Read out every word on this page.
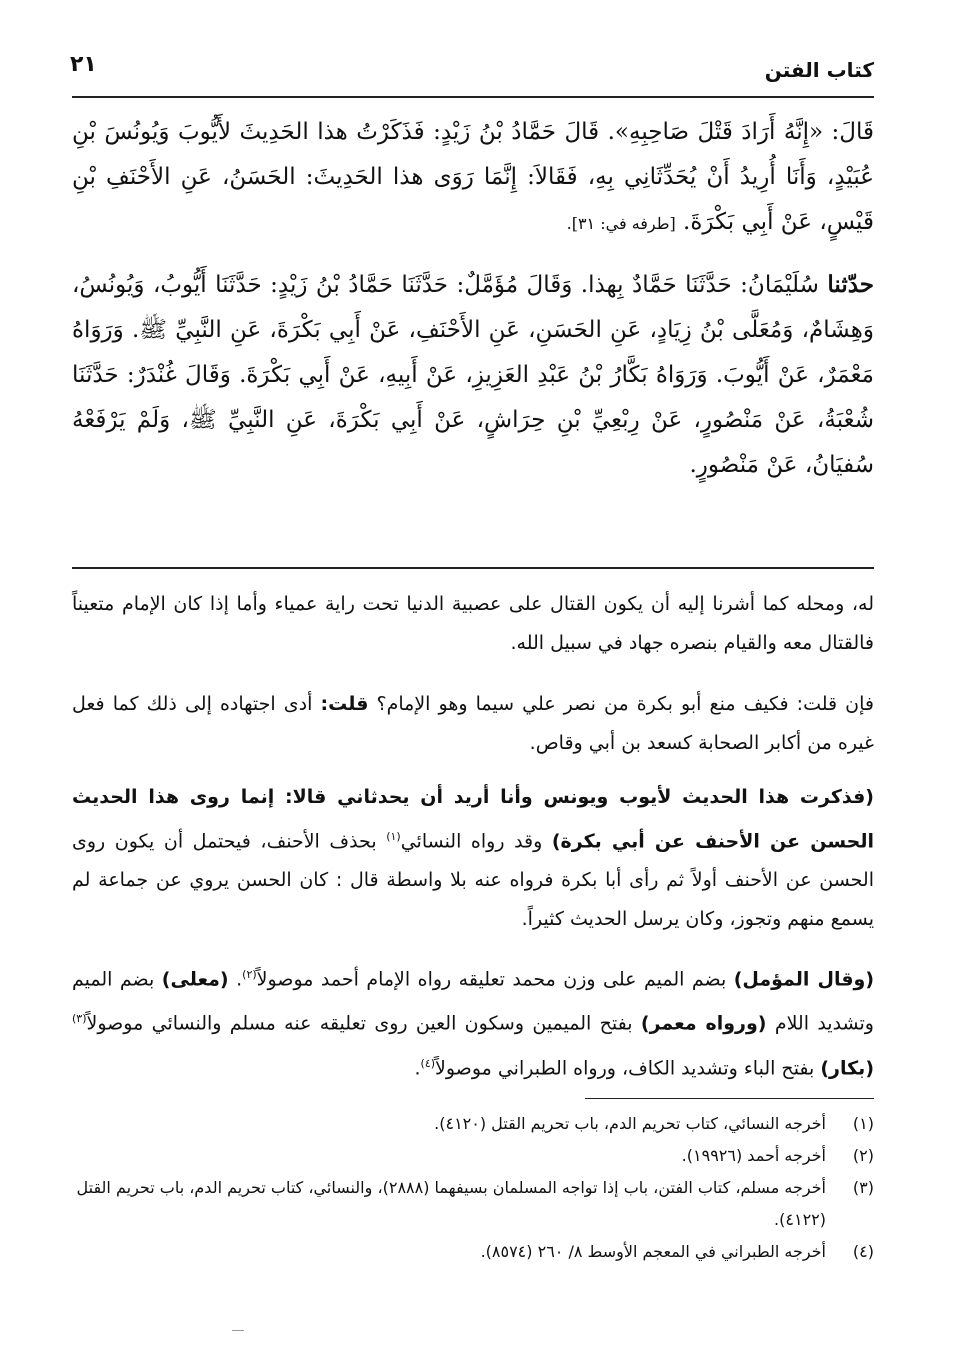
كتاب الفتن
٢١
قَالَ: «إِنَّهُ أَرَادَ قَتْلَ صَاحِبِهِ». قَالَ حَمَّادُ بْنُ زَيْدٍ: فَذَكَرْتُ هذا الحَدِيثَ لأَيُّوبَ وَيُونُسَ بْنِ عُبَيْدٍ، وَأَنَا أُرِيدُ أَنْ يُحَدِّثَانِي بِهِ، فَقَالاَ: إِنَّمَا رَوَى هذا الحَدِيثَ: الحَسَنُ، عَنِ الأَحْنَفِ بْنِ قَيْسٍ، عَنْ أَبِي بَكْرَةَ. [طرفه في: ٣١].
حدّثنا سُلَيْمَانُ: حَدَّثَنَا حَمَّادٌ بِهذا. وَقَالَ مُؤَمَّلٌ: حَدَّثَنَا حَمَّادُ بْنُ زَيْدٍ: حَدَّثَنَا أَيُّوبُ، وَيُونُسُ، وَهِشَامٌ، وَمُعَلَّى بْنُ زِيَادٍ، عَنِ الحَسَنِ، عَنِ الأَحْنَفِ، عَنْ أَبِي بَكْرَةَ، عَنِ النَّبِيِّ ﷺ. وَرَوَاهُ مَعْمَرٌ، عَنْ أَيُّوبَ. وَرَوَاهُ بَكَّارُ بْنُ عَبْدِ العَزِيزِ، عَنْ أَبِيهِ، عَنْ أَبِي بَكْرَةَ. وَقَالَ غُنْدَرٌ: حَدَّثَنَا شُعْبَةُ، عَنْ مَنْصُورٍ، عَنْ رِبْعِيِّ بْنِ حِرَاشٍ، عَنْ أَبِي بَكْرَةَ، عَنِ النَّبِيِّ ﷺ، وَلَمْ يَرْفَعْهُ سُفيَانُ، عَنْ مَنْصُورٍ.
له، ومحله كما أشرنا إليه أن يكون القتال على عصبية الدنيا تحت راية عمياء وأما إذا كان الإمام متعيناً فالقتال معه والقيام بنصره جهاد في سبيل الله.
فإن قلت: فكيف منع أبو بكرة من نصر علي سيما وهو الإمام؟ قلت: أدى اجتهاده إلى ذلك كما فعل غيره من أكابر الصحابة كسعد بن أبي وقاص.
(فذكرت هذا الحديث لأيوب ويونس وأنا أريد أن يحدثاني قالا: إنما روى هذا الحديث الحسن عن الأحنف عن أبي بكرة) وقد رواه النسائي$^{(١)}$ بحذف الأحنف، فيحتمل أن يكون روى الحسن عن الأحنف أولاً ثم رأى أبا بكرة فرواه عنه بلا واسطة قال : كان الحسن يروي عن جماعة لم يسمع منهم وتجوز، وكان يرسل الحديث كثيراً.
(وقال المؤمل) بضم الميم على وزن محمد تعليقه رواه الإمام أحمد موصولاً$^{(٢)}$. (معلى) بضم الميم وتشديد اللام (ورواه معمر) بفتح الميمين وسكون العين روى تعليقه عنه مسلم والنسائي موصولاً$^{(٣)}$ (بكار) بفتح الباء وتشديد الكاف، ورواه الطبراني موصولاً$^{(٤)}$.
(١)
أخرجه النسائي، كتاب تحريم الدم، باب تحريم القتل (٤١٢٠).
(٢)
أخرجه أحمد (١٩٩٢٦).
(٣)
أخرجه مسلم، كتاب الفتن، باب إذا تواجه المسلمان بسيفهما (٢٨٨٨)، والنسائي، كتاب تحريم الدم، باب تحريم القتل (٤١٢٢).
(٤)
أخرجه الطبراني في المعجم الأوسط ٨/ ٢٦٠ (٨٥٧٤).
